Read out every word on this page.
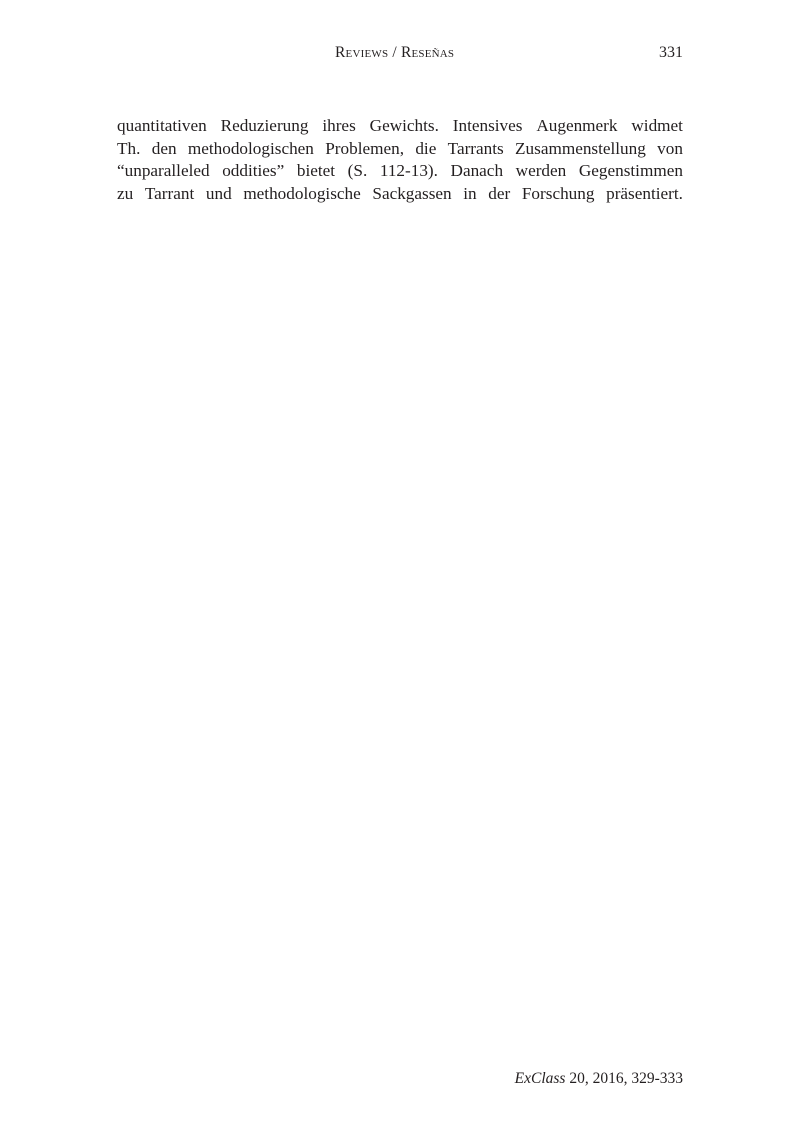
Reviews / Reseñas	331
quantitativen Reduzierung ihres Gewichts. Intensives Augenmerk widmet
Th. den methodologischen Problemen, die Tarrants Zusammenstellung von
“unparalleled oddities” bietet (S. 112-13). Danach werden Gegenstimmen
zu Tarrant und methodologische Sackgassen in der Forschung präsentiert.
ExClass 20, 2016, 329-333
